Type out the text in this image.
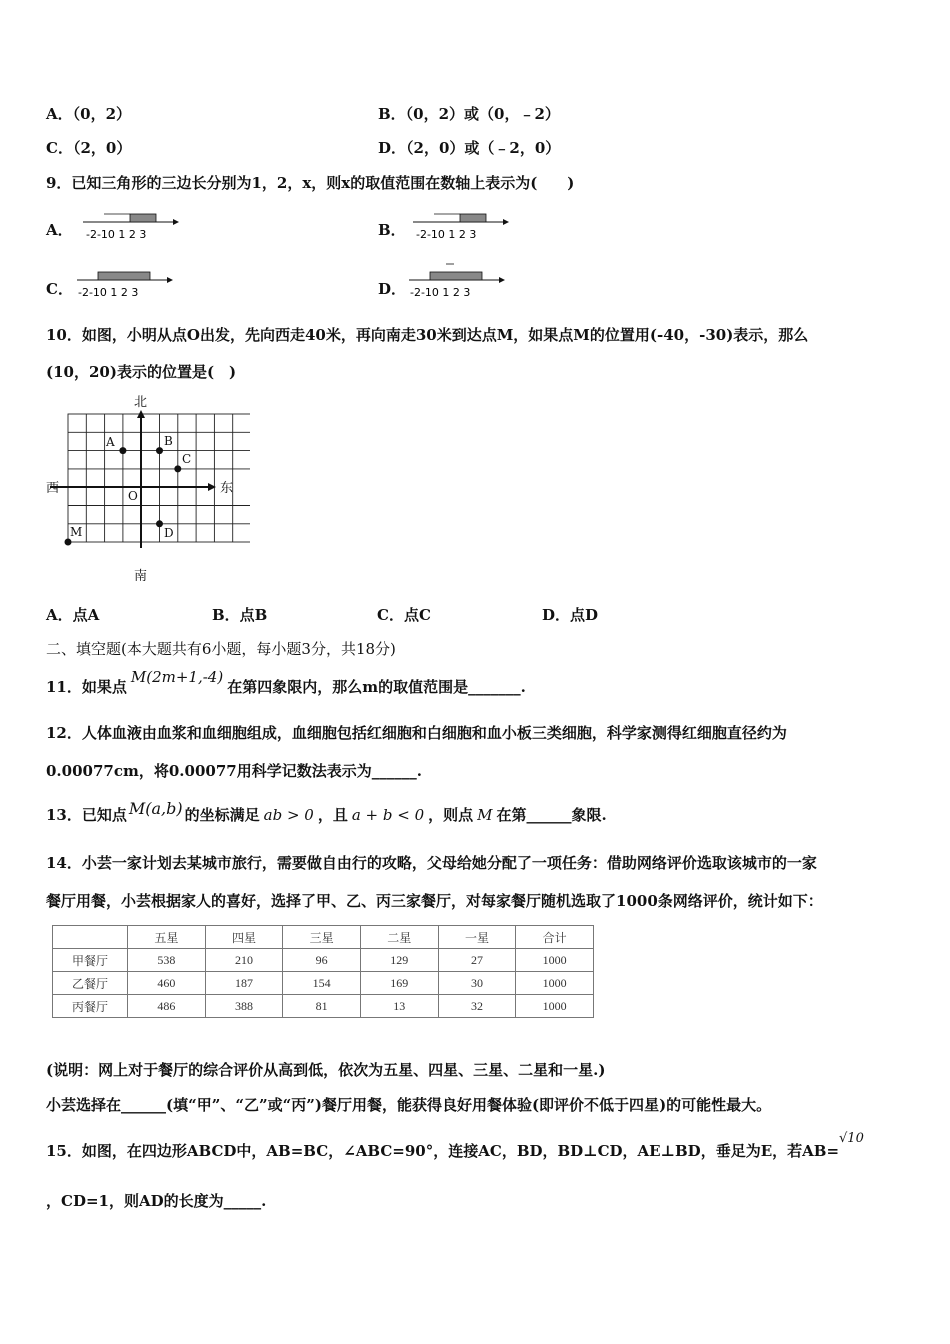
A．（0，2）	B．（0，2）或（0，﹣2）
C．（2，0）	D．（2，0）或（﹣2，0）
9．已知三角形的三边长分别为1，2，x，则x的取值范围在数轴上表示为(　　)
A． -2-10 1 2 3	B． -2-10 1 2 3
C． -2-10 1 2 3	D． -2-10 1 2 3
10．如图，小明从点O出发，先向西走40米，再向南走30米到达点M，如果点M的位置用(-40，-30)表示，那么
(10，20)表示的位置是(　)
A	B
C
O
D
M
北
南
西	东
A．点A	B．点B	C．点C	D．点D
二、填空题(本大题共有6小题，每小题3分，共18分)
11．如果点M(2m+1,-4)在第四象限内，那么m的取值范围是_______.
12．人体血液由血浆和血细胞组成，血细胞包括红细胞和白细胞和血小板三类细胞，科学家测得红细胞直径约为
0.00077cm，将0.00077用科学记数法表示为______.
13．已知点 M(a,b) 的坐标满足 ab > 0 ，且 a + b < 0 ，则点 M 在第______象限.
14．小芸一家计划去某城市旅行，需要做自由行的攻略，父母给她分配了一项任务：借助网络评价选取该城市的一家
餐厅用餐，小芸根据家人的喜好，选择了甲、乙、丙三家餐厅，对每家餐厅随机选取了1000条网络评价，统计如下：
	五星	四星	三星	二星	一星	合计
甲餐厅	538	210	96	129	27	1000
乙餐厅	460	187	154	169	30	1000
丙餐厅	486	388	81	13	32	1000
(说明：网上对于餐厅的综合评价从高到低，依次为五星、四星、三星、二星和一星.)
小芸选择在______(填“甲”、“乙”或“丙”)餐厅用餐，能获得良好用餐体验(即评价不低于四星)的可能性最大。
15．如图，在四边形ABCD中，AB=BC，∠ABC=90°，连接AC，BD，BD⊥CD，AE⊥BD，垂足为E，若AB=√10
，CD=1，则AD的长度为_____.
